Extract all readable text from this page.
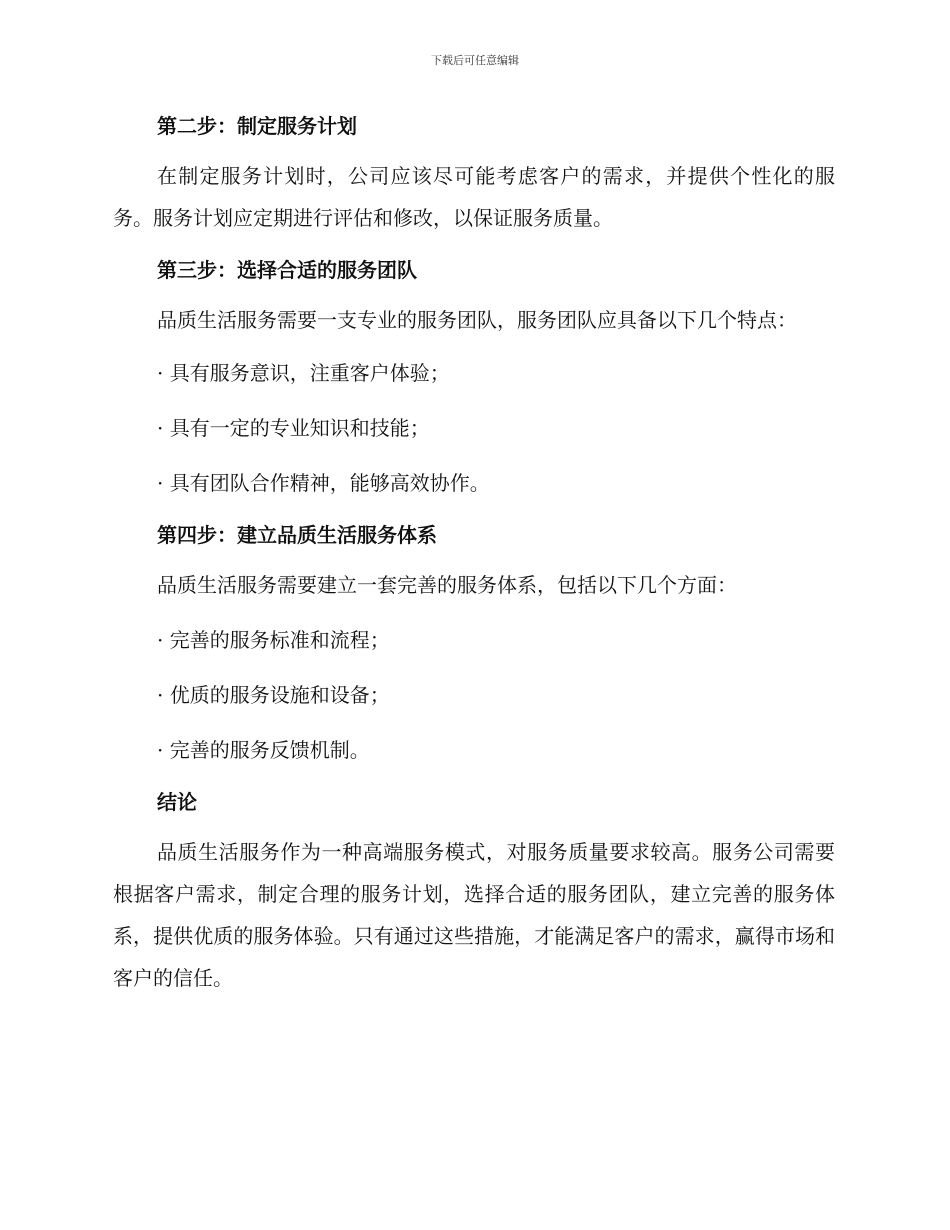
下载后可任意编辑
第二步：制定服务计划

在制定服务计划时，公司应该尽可能考虑客户的需求，并提供个性化的服务。服务计划应定期进行评估和修改，以保证服务质量。

第三步：选择合适的服务团队

品质生活服务需要一支专业的服务团队，服务团队应具备以下几个特点：

· 具有服务意识，注重客户体验；

· 具有一定的专业知识和技能；

· 具有团队合作精神，能够高效协作。

第四步：建立品质生活服务体系

品质生活服务需要建立一套完善的服务体系，包括以下几个方面：

· 完善的服务标准和流程；

· 优质的服务设施和设备；

· 完善的服务反馈机制。

结论

品质生活服务作为一种高端服务模式，对服务质量要求较高。服务公司需要根据客户需求，制定合理的服务计划，选择合适的服务团队，建立完善的服务体系，提供优质的服务体验。只有通过这些措施，才能满足客户的需求，赢得市场和客户的信任。
